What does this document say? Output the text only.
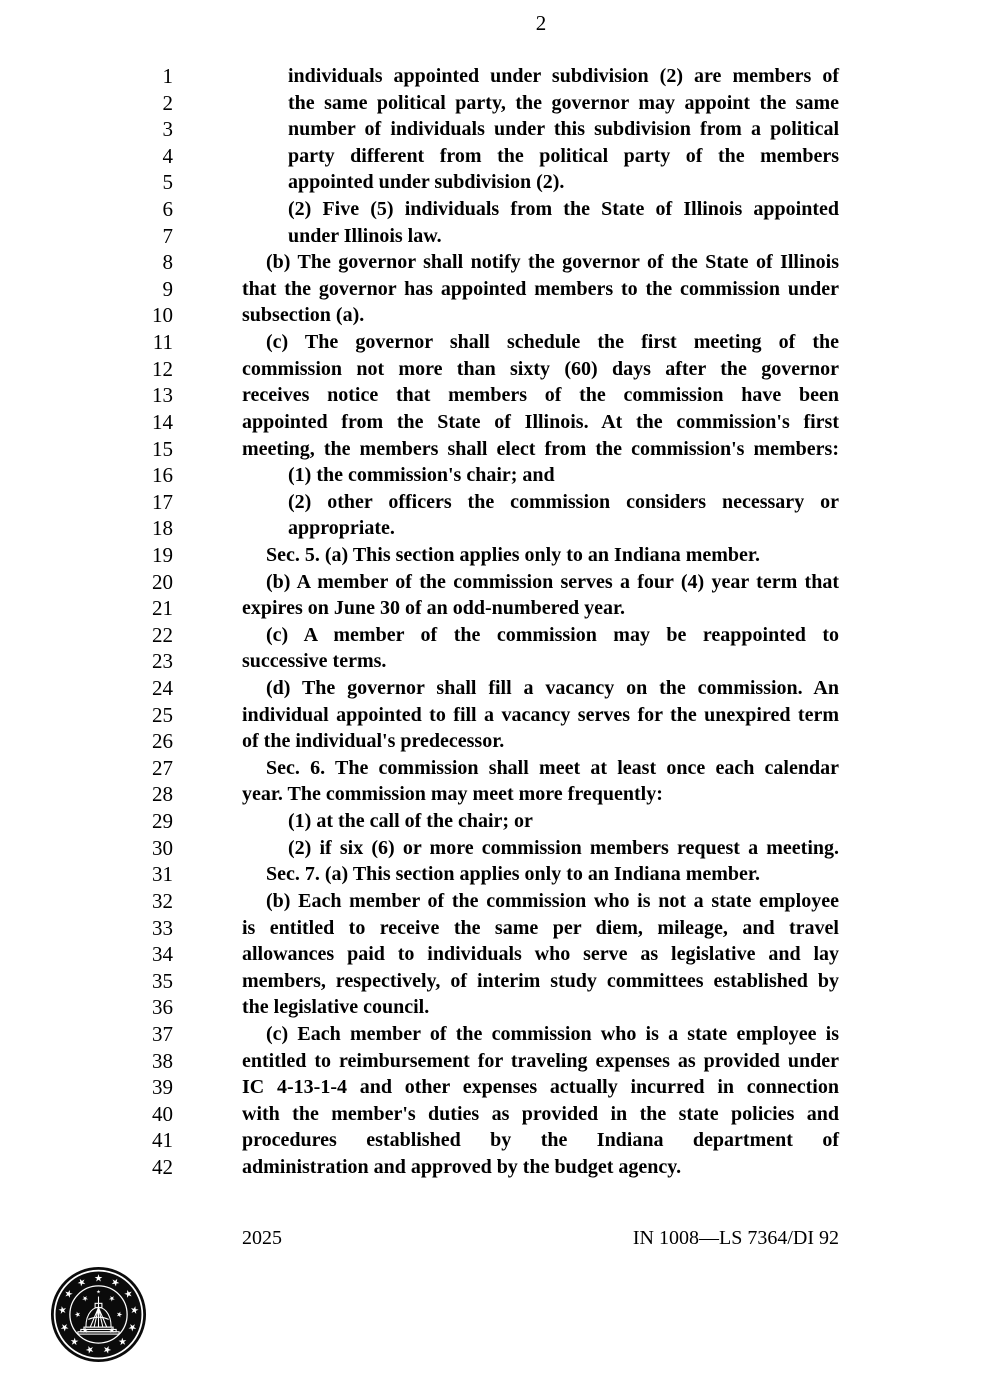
2
1	individuals appointed under subdivision (2) are members of
2	the same political party, the governor may appoint the same
3	number of individuals under this subdivision from a political
4	party different from the political party of the members
5	appointed under subdivision (2).
6	(2) Five (5) individuals from the State of Illinois appointed
7	under Illinois law.
8	(b) The governor shall notify the governor of the State of Illinois
9	that the governor has appointed members to the commission under
10	subsection (a).
11	(c) The governor shall schedule the first meeting of the
12	commission not more than sixty (60) days after the governor
13	receives notice that members of the commission have been
14	appointed from the State of Illinois. At the commission's first
15	meeting, the members shall elect from the commission's members:
16	(1) the commission's chair; and
17	(2) other officers the commission considers necessary or
18	appropriate.
19	Sec. 5. (a) This section applies only to an Indiana member.
20	(b) A member of the commission serves a four (4) year term that
21	expires on June 30 of an odd-numbered year.
22	(c) A member of the commission may be reappointed to
23	successive terms.
24	(d) The governor shall fill a vacancy on the commission. An
25	individual appointed to fill a vacancy serves for the unexpired term
26	of the individual's predecessor.
27	Sec. 6. The commission shall meet at least once each calendar
28	year. The commission may meet more frequently:
29	(1) at the call of the chair; or
30	(2) if six (6) or more commission members request a meeting.
31	Sec. 7. (a) This section applies only to an Indiana member.
32	(b) Each member of the commission who is not a state employee
33	is entitled to receive the same per diem, mileage, and travel
34	allowances paid to individuals who serve as legislative and lay
35	members, respectively, of interim study committees established by
36	the legislative council.
37	(c) Each member of the commission who is a state employee is
38	entitled to reimbursement for traveling expenses as provided under
39	IC 4-13-1-4 and other expenses actually incurred in connection
40	with the member's duties as provided in the state policies and
41	procedures established by the Indiana department of
42	administration and approved by the budget agency.
2025	IN 1008—LS 7364/DI 92
